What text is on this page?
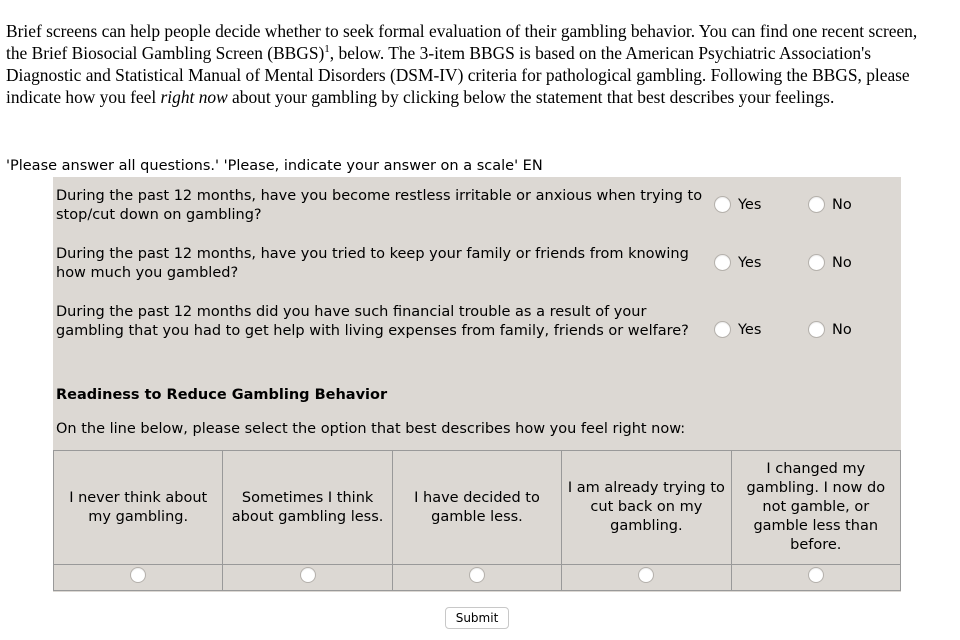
Brief screens can help people decide whether to seek formal evaluation of their gambling behavior. You can find one recent screen, the Brief Biosocial Gambling Screen (BBGS)$^1$, below. The 3-item BBGS is based on the American Psychiatric Association's Diagnostic and Statistical Manual of Mental Disorders (DSM-IV) criteria for pathological gambling. Following the BBGS, please indicate how you feel right now about your gambling by clicking below the statement that best describes your feelings.
'Please answer all questions.' 'Please, indicate your answer on a scale' EN
During the past 12 months, have you become restless irritable or anxious when trying to stop/cut down on gambling?
Yes	No
During the past 12 months, have you tried to keep your family or friends from knowing how much you gambled?
Yes	No
During the past 12 months did you have such financial trouble as a result of your gambling that you had to get help with living expenses from family, friends or welfare?	Yes	No
Readiness to Reduce Gambling Behavior
On the line below, please select the option that best describes how you feel right now:
I never think about my gambling.	Sometimes I think about gambling less.	I have decided to gamble less.	I am already trying to cut back on my gambling.	I changed my gambling. I now do not gamble, or gamble less than before.

Submit
